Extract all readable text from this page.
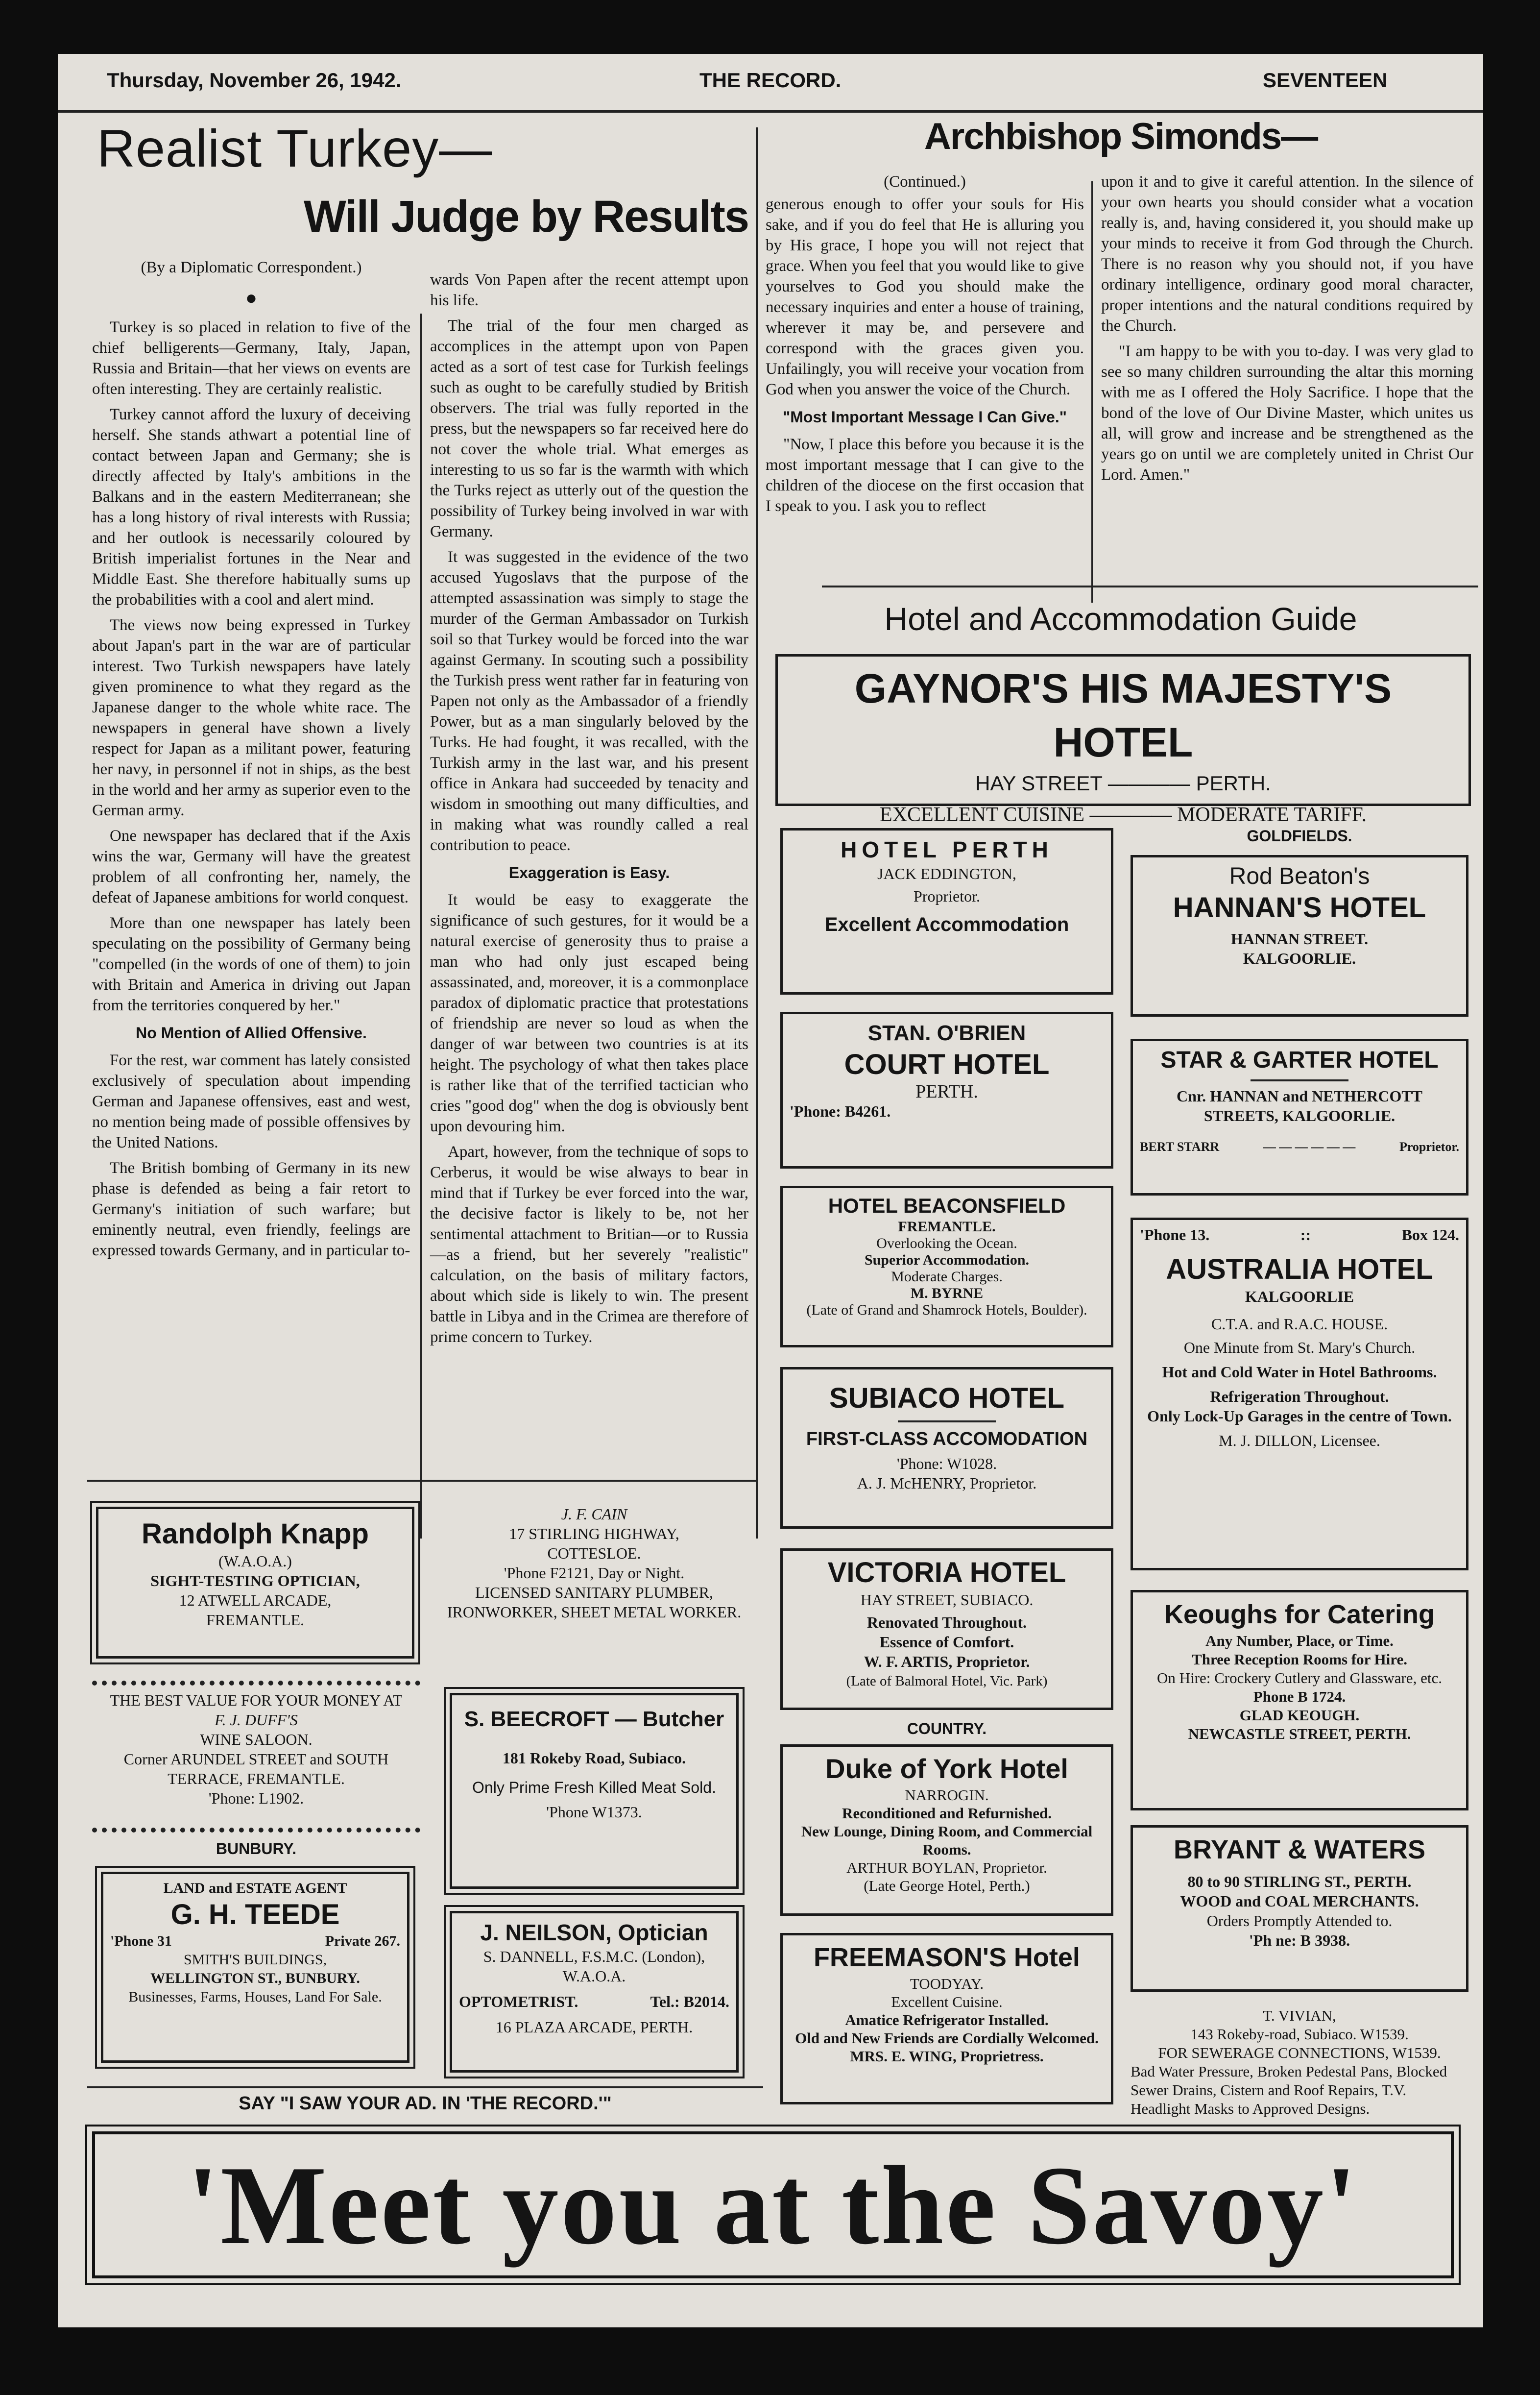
Thursday, November 26, 1942.	THE RECORD.	SEVENTEEN
Realist Turkey—
Will Judge by Results
(By a Diplomatic Correspondent.)
●

Turkey is so placed in relation to five of the chief belligerents—Germany, Italy, Japan, Russia and Britain—that her views on events are often interesting. They are certainly realistic.

Turkey cannot afford the luxury of deceiving herself. She stands athwart a potential line of contact between Japan and Germany; she is directly affected by Italy's ambitions in the Balkans and in the eastern Mediterranean; she has a long history of rival interests with Russia; and her outlook is necessarily coloured by British imperialist fortunes in the Near and Middle East. She therefore habitually sums up the probabilities with a cool and alert mind.

The views now being expressed in Turkey about Japan's part in the war are of particular interest. Two Turkish newspapers have lately given prominence to what they regard as the Japanese danger to the whole white race. The newspapers in general have shown a lively respect for Japan as a militant power, featuring her navy, in personnel if not in ships, as the best in the world and her army as superior even to the German army.

One newspaper has declared that if the Axis wins the war, Germany will have the greatest problem of all confronting her, namely, the defeat of Japanese ambitions for world conquest.

More than one newspaper has lately been speculating on the possibility of Germany being "compelled (in the words of one of them) to join with Britain and America in driving out Japan from the territories conquered by her."

No Mention of Allied Offensive.

For the rest, war comment has lately consisted exclusively of speculation about impending German and Japanese offensives, east and west, no mention being made of possible offensives by the United Nations.

The British bombing of Germany in its new phase is defended as being a fair retort to Germany's initiation of such warfare; but eminently neutral, even friendly, feelings are expressed towards Germany, and in particular to-

wards Von Papen after the recent attempt upon his life.

The trial of the four men charged as accomplices in the attempt upon von Papen acted as a sort of test case for Turkish feelings such as ought to be carefully studied by British observers. The trial was fully reported in the press, but the newspapers so far received here do not cover the whole trial. What emerges as interesting to us so far is the warmth with which the Turks reject as utterly out of the question the possibility of Turkey being involved in war with Germany.

It was suggested in the evidence of the two accused Yugoslavs that the purpose of the attempted assassination was simply to stage the murder of the German Ambassador on Turkish soil so that Turkey would be forced into the war against Germany. In scouting such a possibility the Turkish press went rather far in featuring von Papen not only as the Ambassador of a friendly Power, but as a man singularly beloved by the Turks. He had fought, it was recalled, with the Turkish army in the last war, and his present office in Ankara had succeeded by tenacity and wisdom in smoothing out many difficulties, and in making what was roundly called a real contribution to peace.

Exaggeration is Easy.

It would be easy to exaggerate the significance of such gestures, for it would be a natural exercise of generosity thus to praise a man who had only just escaped being assassinated, and, moreover, it is a commonplace paradox of diplomatic practice that protestations of friendship are never so loud as when the danger of war between two countries is at its height. The psychology of what then takes place is rather like that of the terrified tactician who cries "good dog" when the dog is obviously bent upon devouring him.

Apart, however, from the technique of sops to Cerberus, it would be wise always to bear in mind that if Turkey be ever forced into the war, the decisive factor is likely to be, not her sentimental attachment to Britian—or to Russia—as a friend, but her severely "realistic" calculation, on the basis of military factors, about which side is likely to win. The present battle in Libya and in the Crimea are therefore of prime concern to Turkey.

Archbishop Simonds—
(Continued.)

generous enough to offer your souls for His sake, and if you do feel that He is alluring you by His grace, I hope you will not reject that grace. When you feel that you would like to give yourselves to God you should make the necessary inquiries and enter a house of training, wherever it may be, and persevere and correspond with the graces given you. Unfailingly, you will receive your vocation from God when you answer the voice of the Church.

"Most Important Message I Can Give."

"Now, I place this before you because it is the most important message that I can give to the children of the diocese on the first occasion that I speak to you. I ask you to reflect

upon it and to give it careful attention. In the silence of your own hearts you should consider what a vocation really is, and, having considered it, you should make up your minds to receive it from God through the Church. There is no reason why you should not, if you have ordinary intelligence, ordinary good moral character, proper intentions and the natural conditions required by the Church.

"I am happy to be with you to-day. I was very glad to see so many children surrounding the altar this morning with me as I offered the Holy Sacrifice. I hope that the bond of the love of Our Divine Master, which unites us all, will grow and increase and be strengthened as the years go on until we are completely united in Christ Our Lord. Amen."

Hotel and Accommodation Guide
GAYNOR'S HIS MAJESTY'S HOTEL
HAY STREET ———— PERTH.
EXCELLENT CUISINE ———— MODERATE TARIFF.
HOTEL PERTH
JACK EDDINGTON,
Proprietor.
Excellent Accommodation
STAN. O'BRIEN
COURT HOTEL
PERTH.
'Phone: B4261.
HOTEL BEACONSFIELD
FREMANTLE.
Overlooking the Ocean.
Superior Accommodation.
Moderate Charges.
M. BYRNE
(Late of Grand and Shamrock Hotels, Boulder).
SUBIACO HOTEL
FIRST-CLASS ACCOMODATION
'Phone: W1028.
A. J. McHENRY, Proprietor.
VICTORIA HOTEL
HAY STREET, SUBIACO.
Renovated Throughout.
Essence of Comfort.
W. F. ARTIS, Proprietor.
(Late of Balmoral Hotel, Vic. Park)
COUNTRY.
Duke of York Hotel
NARROGIN.
Reconditioned and Refurnished.
New Lounge, Dining Room, and Commercial Rooms.
ARTHUR BOYLAN, Proprietor.
(Late George Hotel, Perth.)
FREEMASON'S Hotel
TOODYAY.
Excellent Cuisine.
Amatice Refrigerator Installed.
Old and New Friends are Cordially Welcomed.
MRS. E. WING, Proprietress.
GOLDFIELDS.
Rod Beaton's
HANNAN'S HOTEL
HANNAN STREET.
KALGOORLIE.
STAR & GARTER HOTEL
Cnr. HANNAN and NETHERCOTT STREETS, KALGOORLIE.
BERT STARR	— — — — — —	Proprietor.
'Phone 13.	::	Box 124.
AUSTRALIA HOTEL
KALGOORLIE
C.T.A. and R.A.C. HOUSE.
One Minute from St. Mary's Church.
Hot and Cold Water in Hotel Bathrooms.
Refrigeration Throughout.
Only Lock-Up Garages in the centre of Town.
M. J. DILLON, Licensee.
Keoughs for Catering
Any Number, Place, or Time.
Three Reception Rooms for Hire.
On Hire: Crockery Cutlery and Glassware, etc.
Phone B 1724.
GLAD KEOUGH.
NEWCASTLE STREET, PERTH.
BRYANT & WATERS
80 to 90 STIRLING ST., PERTH.
WOOD and COAL MERCHANTS.
Orders Promptly Attended to.
'Ph ne: B 3938.
T. VIVIAN,
143 Rokeby-road, Subiaco. W1539.
FOR SEWERAGE CONNECTIONS, W1539.
Bad Water Pressure, Broken Pedestal Pans, Blocked Sewer Drains, Cistern and Roof Repairs, T.V. Headlight Masks to Approved Designs.
Randolph Knapp
(W.A.O.A.)
SIGHT-TESTING OPTICIAN,
12 ATWELL ARCADE,
FREMANTLE.
THE BEST VALUE FOR YOUR MONEY AT
F. J. DUFF'S
WINE SALOON.
Corner ARUNDEL STREET and SOUTH TERRACE, FREMANTLE.
'Phone: L1902.
BUNBURY.
LAND and ESTATE AGENT
G. H. TEEDE
'Phone 31	Private 267.
SMITH'S BUILDINGS,
WELLINGTON ST., BUNBURY.
Businesses, Farms, Houses, Land For Sale.
J. F. CAIN
17 STIRLING HIGHWAY,
COTTESLOE.
'Phone F2121, Day or Night.
LICENSED SANITARY PLUMBER, IRONWORKER, SHEET METAL WORKER.
S. BEECROFT — Butcher
181 Rokeby Road, Subiaco.
Only Prime Fresh Killed Meat Sold.
'Phone W1373.
J. NEILSON, Optician
S. DANNELL, F.S.M.C. (London),
W.A.O.A.
OPTOMETRIST.	Tel.: B2014.
16 PLAZA ARCADE, PERTH.
SAY "I SAW YOUR AD. IN 'THE RECORD.'"
'Meet you at the Savoy'
